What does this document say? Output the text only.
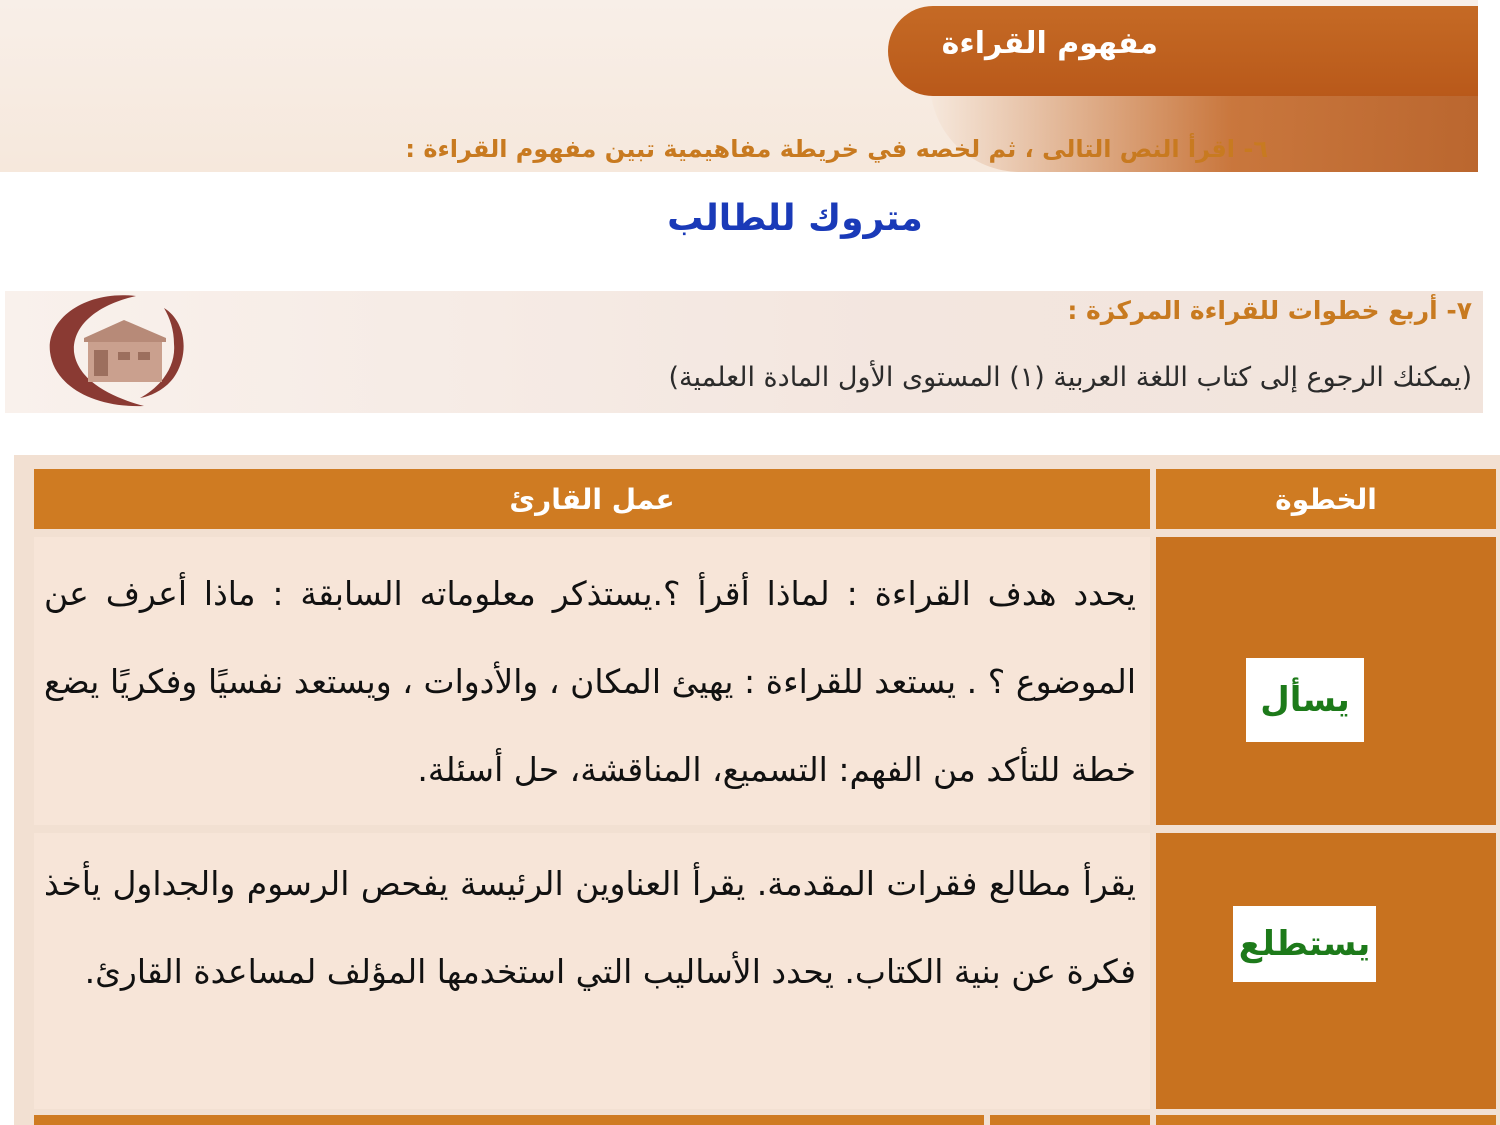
مفهوم القراءة
٦- اقرأ النص التالى ، ثم لخصه في خريطة مفاهيمية تبين مفهوم القراءة :
متروك للطالب
٧- أربع خطوات للقراءة المركزة :
(يمكنك الرجوع إلى كتاب اللغة العربية (١) المستوى الأول المادة العلمية)
عمل القارئ	الخطوة
يسأل
يحدد هدف القراءة : لماذا أقرأ ؟.يستذكر معلوماته السابقة : ماذا أعرف عن الموضوع ؟ . يستعد للقراءة : يهيئ المكان ، والأدوات ، ويستعد نفسيًا وفكريًا يضع خطة للتأكد من الفهم: التسميع، المناقشة، حل أسئلة.
يستطلع
يقرأ مطالع فقرات المقدمة. يقرأ العناوين الرئيسة يفحص الرسوم والجداول يأخذ فكرة عن بنية الكتاب. يحدد الأساليب التي استخدمها المؤلف لمساعدة القارئ.
